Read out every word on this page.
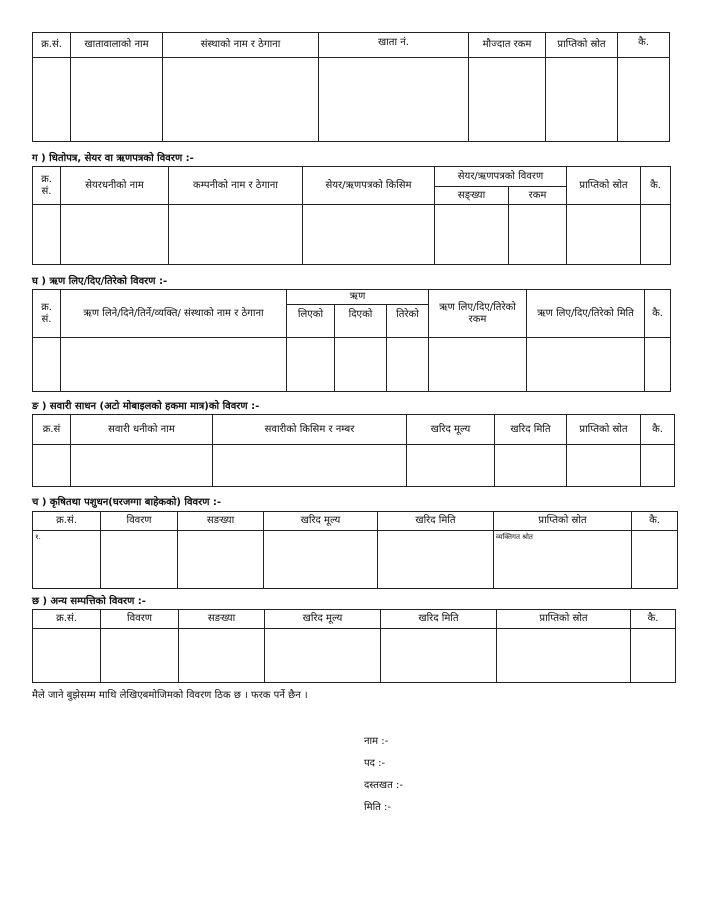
क्र.सं.	खातावालाको नाम	संस्थाको नाम र ठेगाना	खाता नं.	मौज्दात रकम	प्राप्तिको स्रोत	कै.

ग ) धितोपत्र, सेयर वा ऋणपत्रको विवरण :-
क्र. सं.	सेयरधनीको नाम	कम्पनीको नाम र ठेगाना	सेयर/ऋणपत्रको किसिम	सेयर/ऋणपत्रको विवरण		प्राप्तिको स्रोत	कै.
				सङ्ख्या	रकम		

घ ) ऋण लिए/दिए/तिरेको विवरण :-
क्र. सं.	ऋण लिने/दिने/तिर्ने/व्यक्ति/ संस्थाको नाम र ठेगाना	ऋण			ऋण लिए/दिए/तिरेको रकम	ऋण लिए/दिए/तिरेको मिति	कै.
		लिएको	दिएको	तिरेको			

ङ ) सवारी साधन (अटो मोबाइलको हकमा मात्र)को विवरण :-
क्र.सं	सवारी धनीको नाम	सवारीको किसिम र नम्बर	खरिद मूल्य	खरिद मिति	प्राप्तिको स्रोत	कै.

च ) कृषितथा पशुधन(घरजग्गा बाहेकको) विवरण :-
क्र.सं.	विवरण	सङख्या	खरिद मूल्य	खरिद मिति	प्राप्तिको स्रोत	कै.
१.					व्यक्तिगत श्रोत	
छ ) अन्य सम्पत्तिको विवरण :-
क्र.सं.	विवरण	सङख्या	खरिद मूल्य	खरिद मिति	प्राप्तिको स्रोत	कै.

मैले जाने बुझेसम्म माथि लेखिएबमोजिमको विवरण ठिक छ । फरक पर्ने छैन ।
नाम :-
पद :-
दस्तखत :-
मिति :-
